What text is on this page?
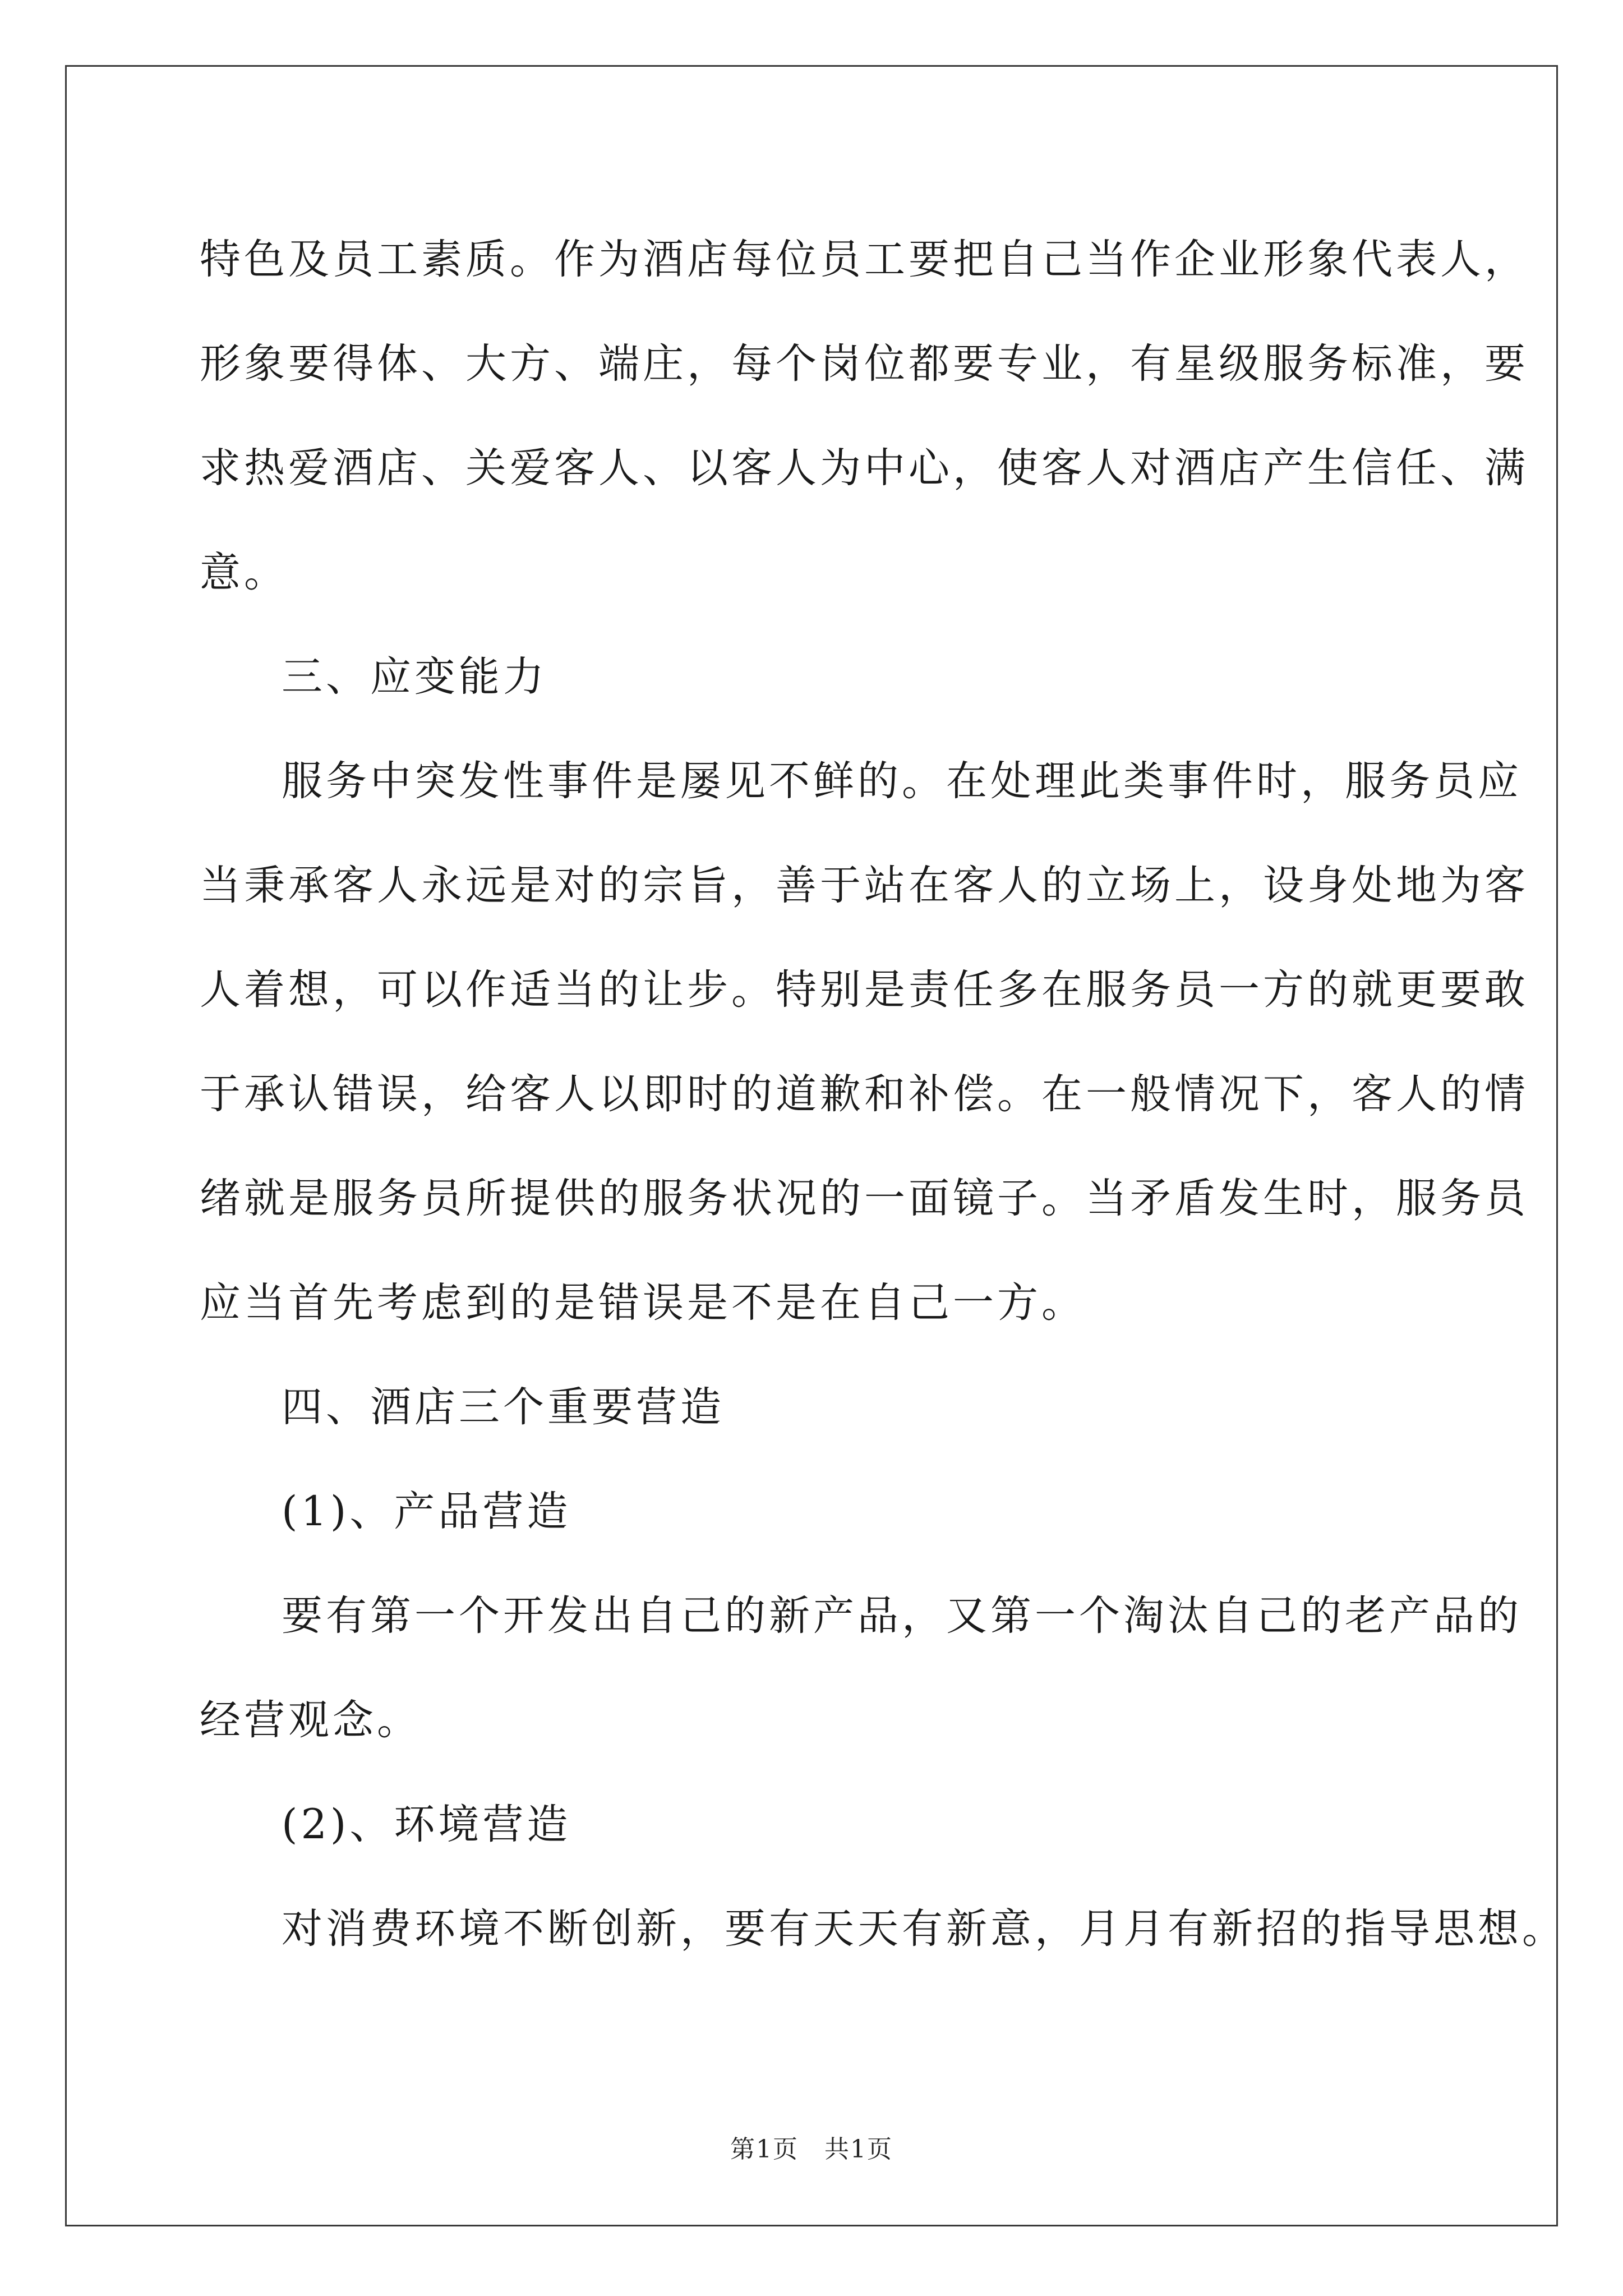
特色及员工素质。作为酒店每位员工要把自己当作企业形象代表人，

形象要得体、大方、端庄，每个岗位都要专业，有星级服务标准，要

求热爱酒店、关爱客人、以客人为中心，使客人对酒店产生信任、满

意。

三、应变能力

服务中突发性事件是屡见不鲜的。在处理此类事件时，服务员应

当秉承客人永远是对的宗旨，善于站在客人的立场上，设身处地为客

人着想，可以作适当的让步。特别是责任多在服务员一方的就更要敢

于承认错误，给客人以即时的道歉和补偿。在一般情况下，客人的情

绪就是服务员所提供的服务状况的一面镜子。当矛盾发生时，服务员

应当首先考虑到的是错误是不是在自己一方。

四、酒店三个重要营造

(1)、产品营造

要有第一个开发出自己的新产品，又第一个淘汰自己的老产品的

经营观念。

(2)、环境营造

对消费环境不断创新，要有天天有新意，月月有新招的指导思想。

第1页　共1页
